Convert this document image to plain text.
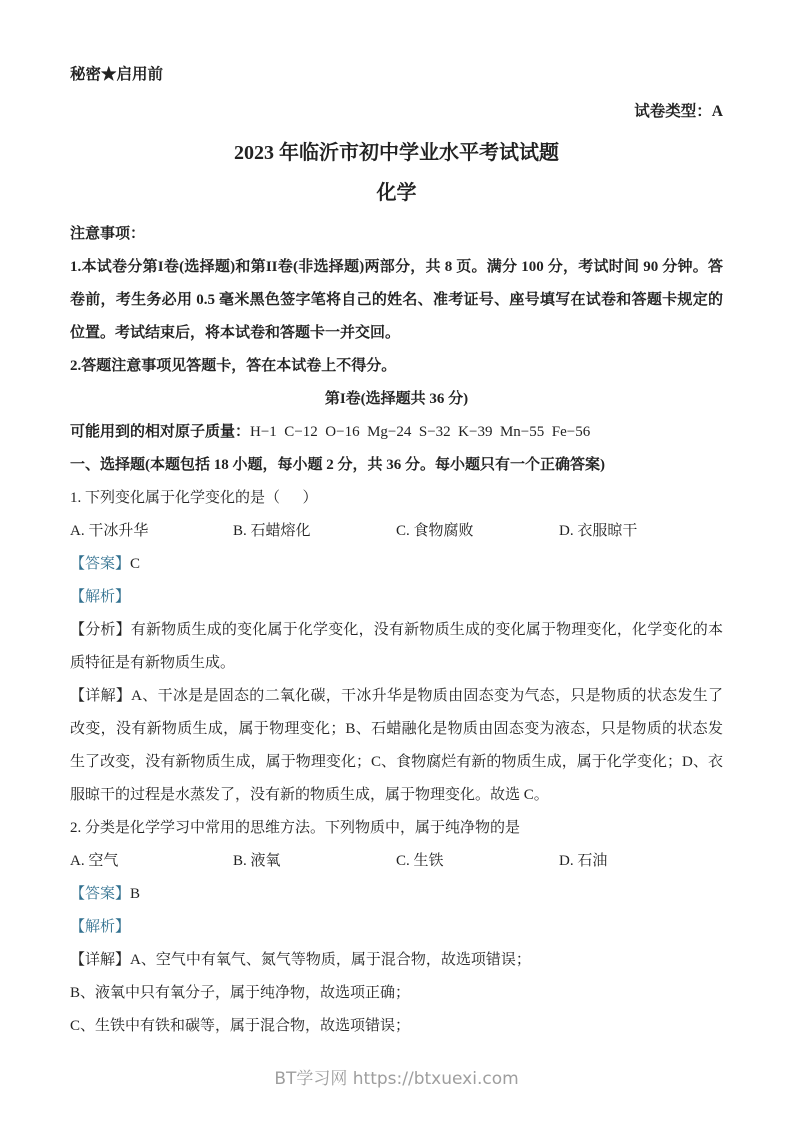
秘密★启用前
试卷类型：A
2023 年临沂市初中学业水平考试试题
化学

注意事项：

1.本试卷分第I卷(选择题)和第II卷(非选择题)两部分，共 8 页。满分 100 分，考试时间 90 分钟。答卷前，考生务必用 0.5 毫米黑色签字笔将自己的姓名、准考证号、座号填写在试卷和答题卡规定的位置。考试结束后，将本试卷和答题卡一并交回。

2.答题注意事项见答题卡，答在本试卷上不得分。

第I卷(选择题共 36 分)

可能用到的相对原子质量：H−1  C−12  O−16  Mg−24  S−32  K−39  Mn−55  Fe−56

一、选择题(本题包括 18 小题，每小题 2 分，共 36 分。每小题只有一个正确答案)

1. 下列变化属于化学变化的是（      ）

A. 干冰升华	B. 石蜡熔化	C. 食物腐败	D. 衣服晾干

【答案】C

【解析】

【分析】有新物质生成的变化属于化学变化，没有新物质生成的变化属于物理变化，化学变化的本质特征是有新物质生成。

【详解】A、干冰是是固态的二氧化碳，干冰升华是物质由固态变为气态，只是物质的状态发生了改变，没有新物质生成，属于物理变化；B、石蜡融化是物质由固态变为液态，只是物质的状态发生了改变，没有新物质生成，属于物理变化；C、食物腐烂有新的物质生成，属于化学变化；D、衣服晾干的过程是水蒸发了，没有新的物质生成，属于物理变化。故选 C。

2. 分类是化学学习中常用的思维方法。下列物质中，属于纯净物的是

A. 空气	B. 液氧	C. 生铁	D. 石油

【答案】B

【解析】

【详解】A、空气中有氧气、氮气等物质，属于混合物，故选项错误；

B、液氧中只有氧分子，属于纯净物，故选项正确；

C、生铁中有铁和碳等，属于混合物，故选项错误；

BT学习网 https://btxuexi.com
